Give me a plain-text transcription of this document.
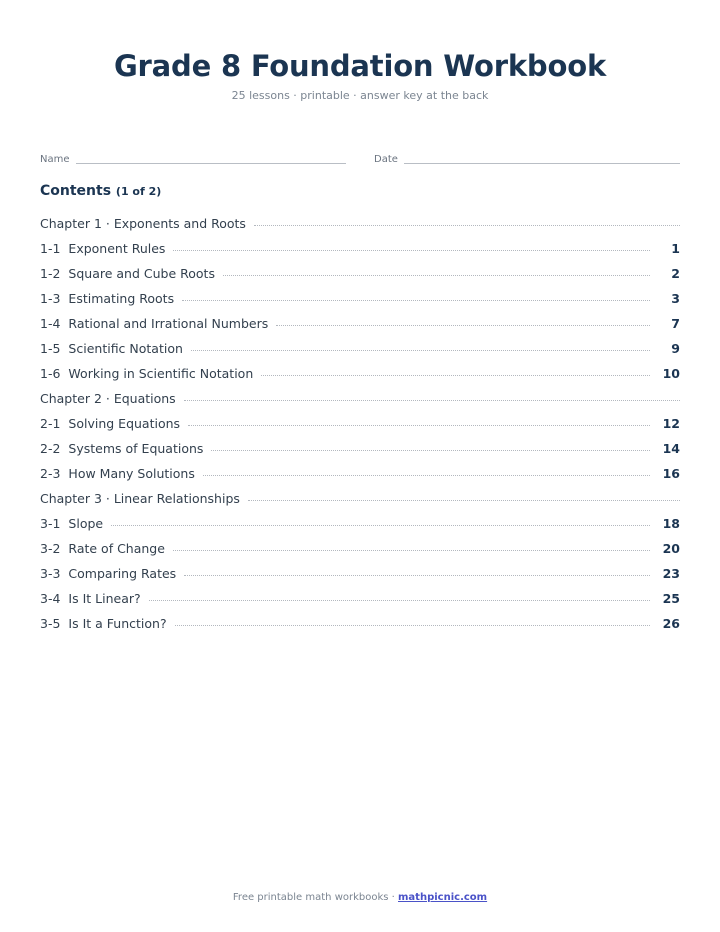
Grade 8 Foundation Workbook
25 lessons · printable · answer key at the back
Name	Date
Contents (1 of 2)
Chapter 1 · Exponents and Roots
1-1 Exponent Rules	1
1-2 Square and Cube Roots	2
1-3 Estimating Roots	3
1-4 Rational and Irrational Numbers	7
1-5 Scientific Notation	9
1-6 Working in Scientific Notation	10
Chapter 2 · Equations
2-1 Solving Equations	12
2-2 Systems of Equations	14
2-3 How Many Solutions	16
Chapter 3 · Linear Relationships
3-1 Slope	18
3-2 Rate of Change	20
3-3 Comparing Rates	23
3-4 Is It Linear?	25
3-5 Is It a Function?	26
Free printable math workbooks · mathpicnic.com
